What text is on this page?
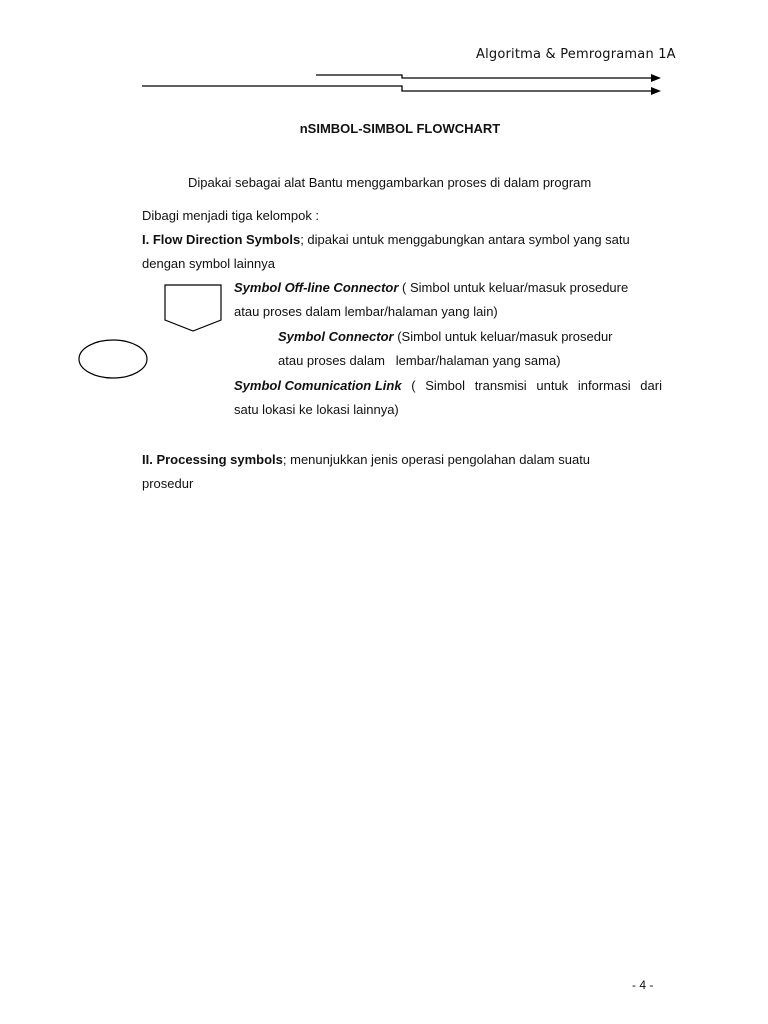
Algoritma & Pemrograman 1A
nSIMBOL-SIMBOL FLOWCHART
Dipakai sebagai alat Bantu menggambarkan proses di dalam program
Dibagi menjadi tiga kelompok :
I. Flow Direction Symbols; dipakai untuk menggabungkan antara symbol yang satu
dengan symbol lainnya
Symbol Off-line Connector ( Simbol untuk keluar/masuk prosedure
atau proses dalam lembar/halaman yang lain)
Symbol Connector (Simbol untuk keluar/masuk prosedur
atau proses dalam   lembar/halaman yang sama)
Symbol Comunication Link ( Simbol transmisi untuk informasi dari
satu lokasi ke lokasi lainnya)
II. Processing symbols; menunjukkan jenis operasi pengolahan dalam suatu
prosedur
- 4 -
